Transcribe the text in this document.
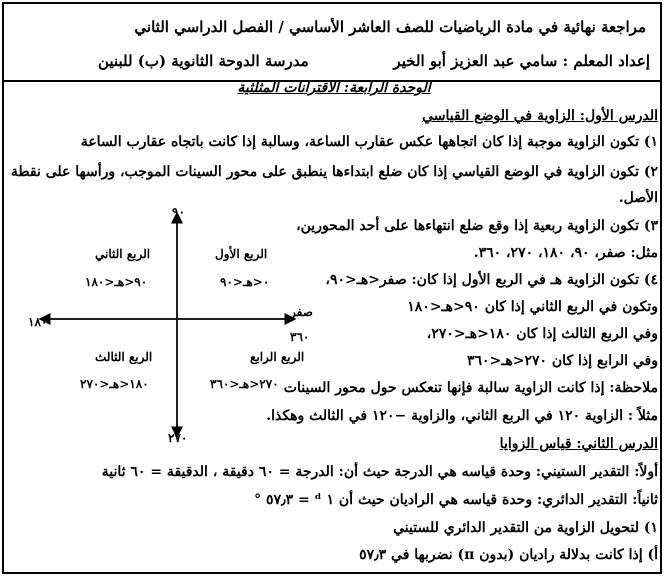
مراجعة نهائية في مادة الرياضيات للصف العاشر الأساسي / الفصل الدراسي الثاني
إعداد المعلم : سامي عبد العزيز أبو الخير
مدرسة الدوحة الثانوية (ب) للبنين
الوحدة الرابعة: الاقترانات المثلثية
الدرس الأول: الزاوية في الوضع القياسي
١) تكون الزاوية موجبة إذا كان اتجاهها عكس عقارب الساعة، وسالبة إذا كانت باتجاه عقارب الساعة
٢) تكون الزاوية في الوضع القياسي إذا كان ضلع ابتداءها ينطبق على محور السينات الموجب، ورأسها على نقطة
الأصل.
٣) تكون الزاوية ربعية إذا وقع ضلع انتهاءها على أحد المحورين،
مثل: صفر، ٩٠، ١٨٠، ٢٧٠، ٣٦٠.
٤) تكون الزاوية هـ في الربع الأول إذا كان: صفر<هـ<٩٠،
وتكون في الربع الثاني إذا كان ٩٠<هـ<١٨٠
وفي الربع الثالث إذا كان ١٨٠<هـ<٢٧٠،
وفي الرابع إذا كان ٢٧٠<هـ<٣٦٠
ملاحظة: إذا كانت الزاوية سالبة فإنها تنعكس حول محور السينات
مثلاً : الزاوية ١٢٠ في الربع الثاني، والزاوية −١٢٠ في الثالث وهكذا.
الدرس الثاني: قياس الزوايا
أولاً: التقدير الستيني: وحدة قياسه هي الدرجة حيث أن: الدرجة = ٦٠ دقيقة ، الدقيقة = ٦٠ ثانية
ثانياً: التقدير الدائري: وحدة قياسه هي الراديان حيث أن ١ ᵈ = ٥٧٫٣ °
١) لتحويل الزاوية من التقدير الدائري للستيني
أ) إذا كانت بدلالة راديان (بدون π) نضربها في ٥٧٫٣
٩٠
٢٧٠
١٨٠
صفر
٣٦٠
الربع الأول
٠<هـ<٩٠
الربع الثاني
٩٠<هـ<١٨٠
الربع الثالث
١٨٠<هـ<٢٧٠
الربع الرابع
٢٧٠<هـ<٣٦٠
